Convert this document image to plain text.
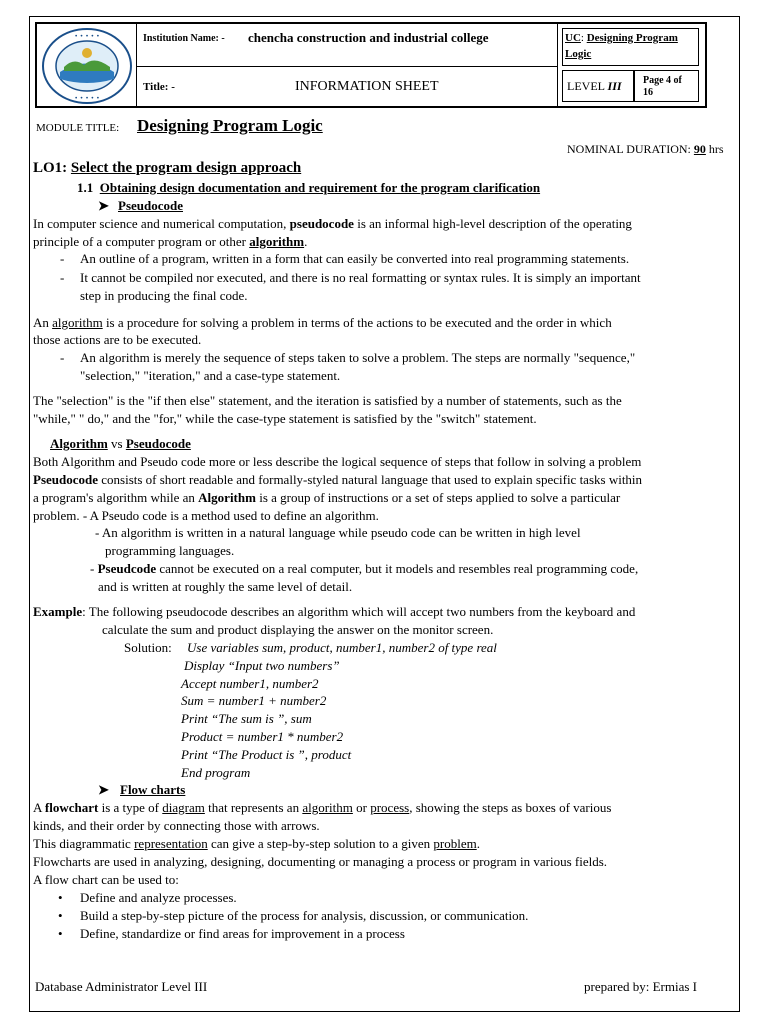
• • • • •
• • • • •
Institution Name: - chencha construction and industrial college
Title: -	INFORMATION SHEET
UC: Designing Program
Logic
LEVEL III Page 4 of
16
MODULE TITLE: Designing Program Logic
NOMINAL DURATION: 90 hrs
LO1: Select the program design approach
1.1 Obtaining design documentation and requirement for the program clarification
➤ Pseudocode
In computer science and numerical computation, pseudocode is an informal high-level description of the operating
principle of a computer program or other algorithm.
- An outline of a program, written in a form that can easily be converted into real programming statements.
- It cannot be compiled nor executed, and there is no real formatting or syntax rules. It is simply an important
step in producing the final code.
An algorithm is a procedure for solving a problem in terms of the actions to be executed and the order in which
those actions are to be executed.
- An algorithm is merely the sequence of steps taken to solve a problem. The steps are normally "sequence,"
"selection," "iteration," and a case-type statement.
The "selection" is the "if then else" statement, and the iteration is satisfied by a number of statements, such as the
"while," " do," and the "for," while the case-type statement is satisfied by the "switch" statement.
Algorithm vs Pseudocode
Both Algorithm and Pseudo code more or less describe the logical sequence of steps that follow in solving a problem
Pseudocode consists of short readable and formally-styled natural language that used to explain specific tasks within
a program's algorithm while an Algorithm is a group of instructions or a set of steps applied to solve a particular
problem. - A Pseudo code is a method used to define an algorithm.
- An algorithm is written in a natural language while pseudo code can be written in high level
programming languages.
- Pseudcode cannot be executed on a real computer, but it models and resembles real programming code,
and is written at roughly the same level of detail.
Example: The following pseudocode describes an algorithm which will accept two numbers from the keyboard and
calculate the sum and product displaying the answer on the monitor screen.
Solution: Use variables sum, product, number1, number2 of type real
Display “Input two numbers”
Accept number1, number2
Sum = number1 + number2
Print “The sum is ”, sum
Product = number1 * number2
Print “The Product is ”, product
End program
➤ Flow charts
A flowchart is a type of diagram that represents an algorithm or process, showing the steps as boxes of various
kinds, and their order by connecting those with arrows.
This diagrammatic representation can give a step-by-step solution to a given problem.
Flowcharts are used in analyzing, designing, documenting or managing a process or program in various fields.
A flow chart can be used to:
• Define and analyze processes.
• Build a step-by-step picture of the process for analysis, discussion, or communication.
• Define, standardize or find areas for improvement in a process
Database Administrator Level III	prepared by: Ermias I
